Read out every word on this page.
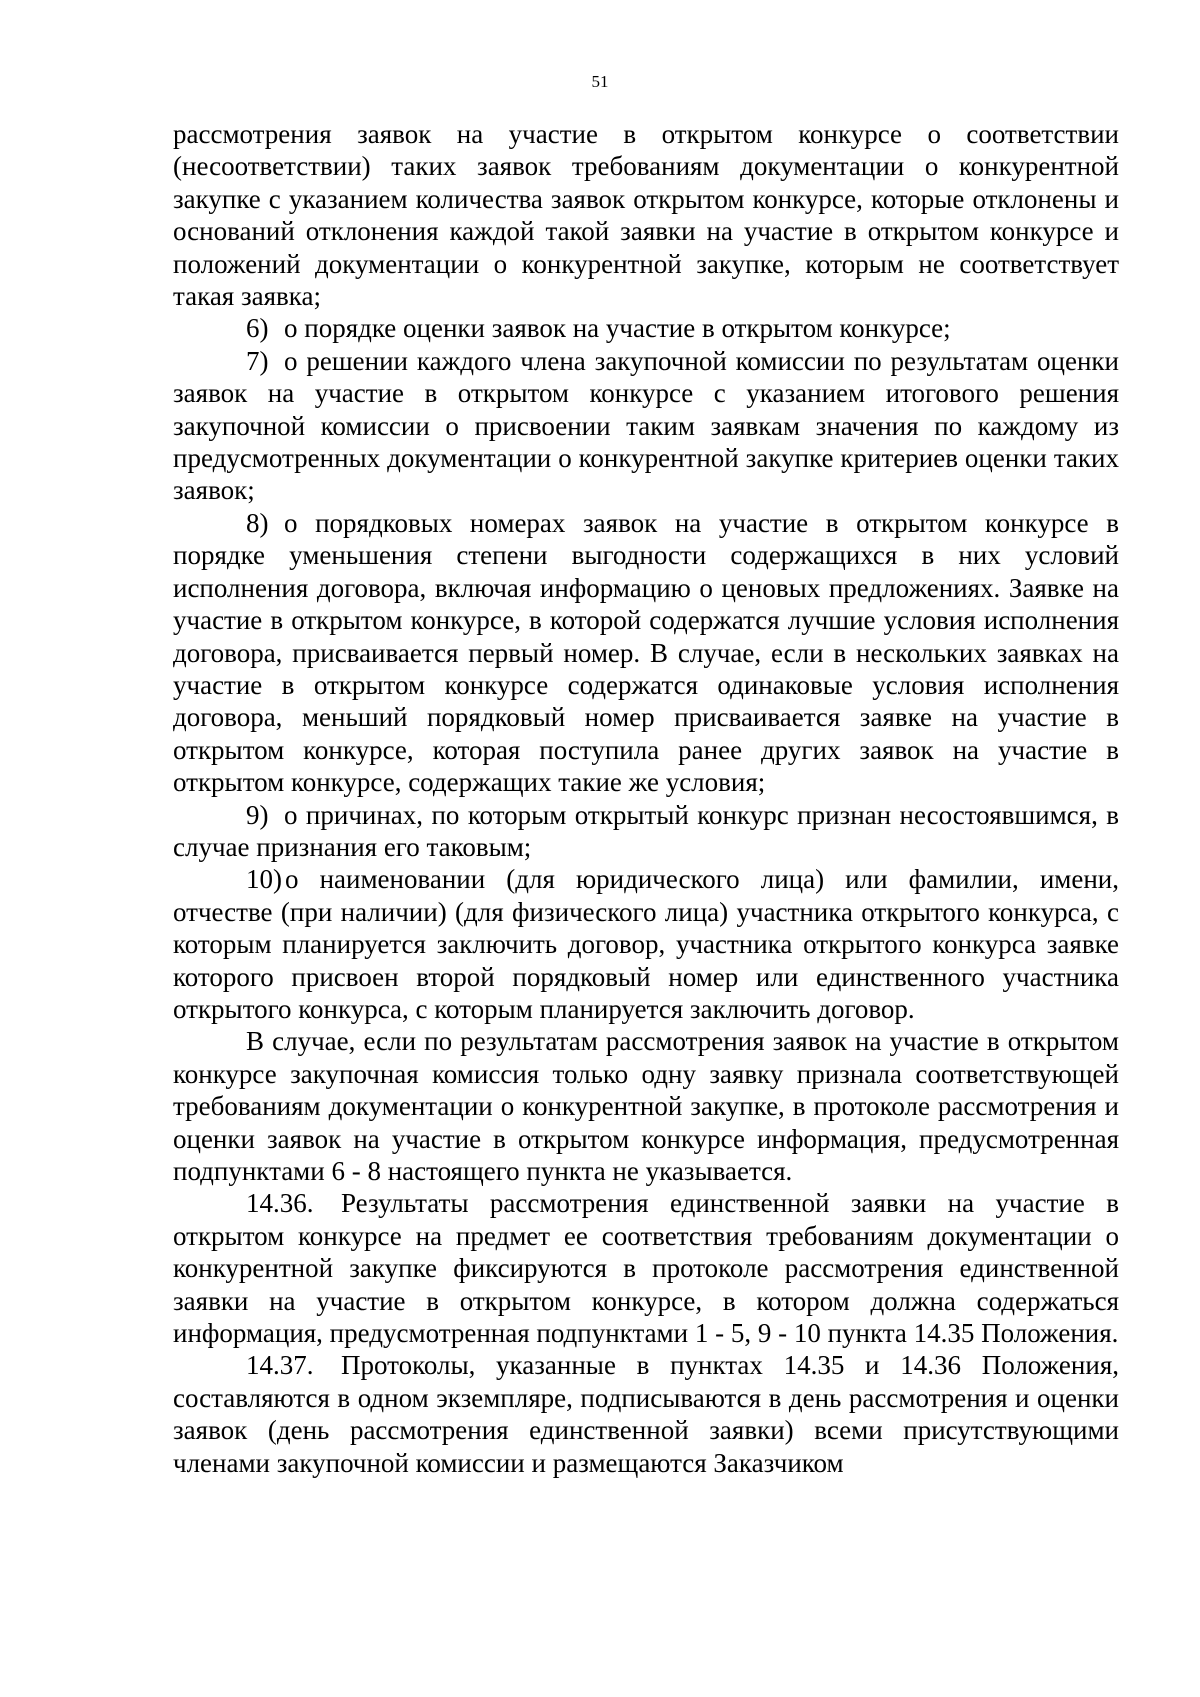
51

рассмотрения заявок на участие в открытом конкурсе о соответствии (несоответствии) таких заявок требованиям документации о конкурентной закупке с указанием количества заявок открытом конкурсе, которые отклонены и оснований отклонения каждой такой заявки на участие в открытом конкурсе и положений документации о конкурентной закупке, которым не соответствует такая заявка;

6) о порядке оценки заявок на участие в открытом конкурсе;

7) о решении каждого члена закупочной комиссии по результатам оценки заявок на участие в открытом конкурсе с указанием итогового решения закупочной комиссии о присвоении таким заявкам значения по каждому из предусмотренных документации о конкурентной закупке критериев оценки таких заявок;

8) о порядковых номерах заявок на участие в открытом конкурсе в порядке уменьшения степени выгодности содержащихся в них условий исполнения договора, включая информацию о ценовых предложениях. Заявке на участие в открытом конкурсе, в которой содержатся лучшие условия исполнения договора, присваивается первый номер. В случае, если в нескольких заявках на участие в открытом конкурсе содержатся одинаковые условия исполнения договора, меньший порядковый номер присваивается заявке на участие в открытом конкурсе, которая поступила ранее других заявок на участие в открытом конкурсе, содержащих такие же условия;

9) о причинах, по которым открытый конкурс признан несостоявшимся, в случае признания его таковым;

10) о наименовании (для юридического лица) или фамилии, имени, отчестве (при наличии) (для физического лица) участника открытого конкурса, с которым планируется заключить договор, участника открытого конкурса заявке которого присвоен второй порядковый номер или единственного участника открытого конкурса, с которым планируется заключить договор.

В случае, если по результатам рассмотрения заявок на участие в открытом конкурсе закупочная комиссия только одну заявку признала соответствующей требованиям документации о конкурентной закупке, в протоколе рассмотрения и оценки заявок на участие в открытом конкурсе информация, предусмотренная подпунктами 6 - 8 настоящего пункта не указывается.

14.36. Результаты рассмотрения единственной заявки на участие в открытом конкурсе на предмет ее соответствия требованиям документации о конкурентной закупке фиксируются в протоколе рассмотрения единственной заявки на участие в открытом конкурсе, в котором должна содержаться информация, предусмотренная подпунктами 1 - 5, 9 - 10 пункта 14.35 Положения.

14.37. Протоколы, указанные в пунктах 14.35 и 14.36 Положения, составляются в одном экземпляре, подписываются в день рассмотрения и оценки заявок (день рассмотрения единственной заявки) всеми присутствующими членами закупочной комиссии и размещаются Заказчиком
